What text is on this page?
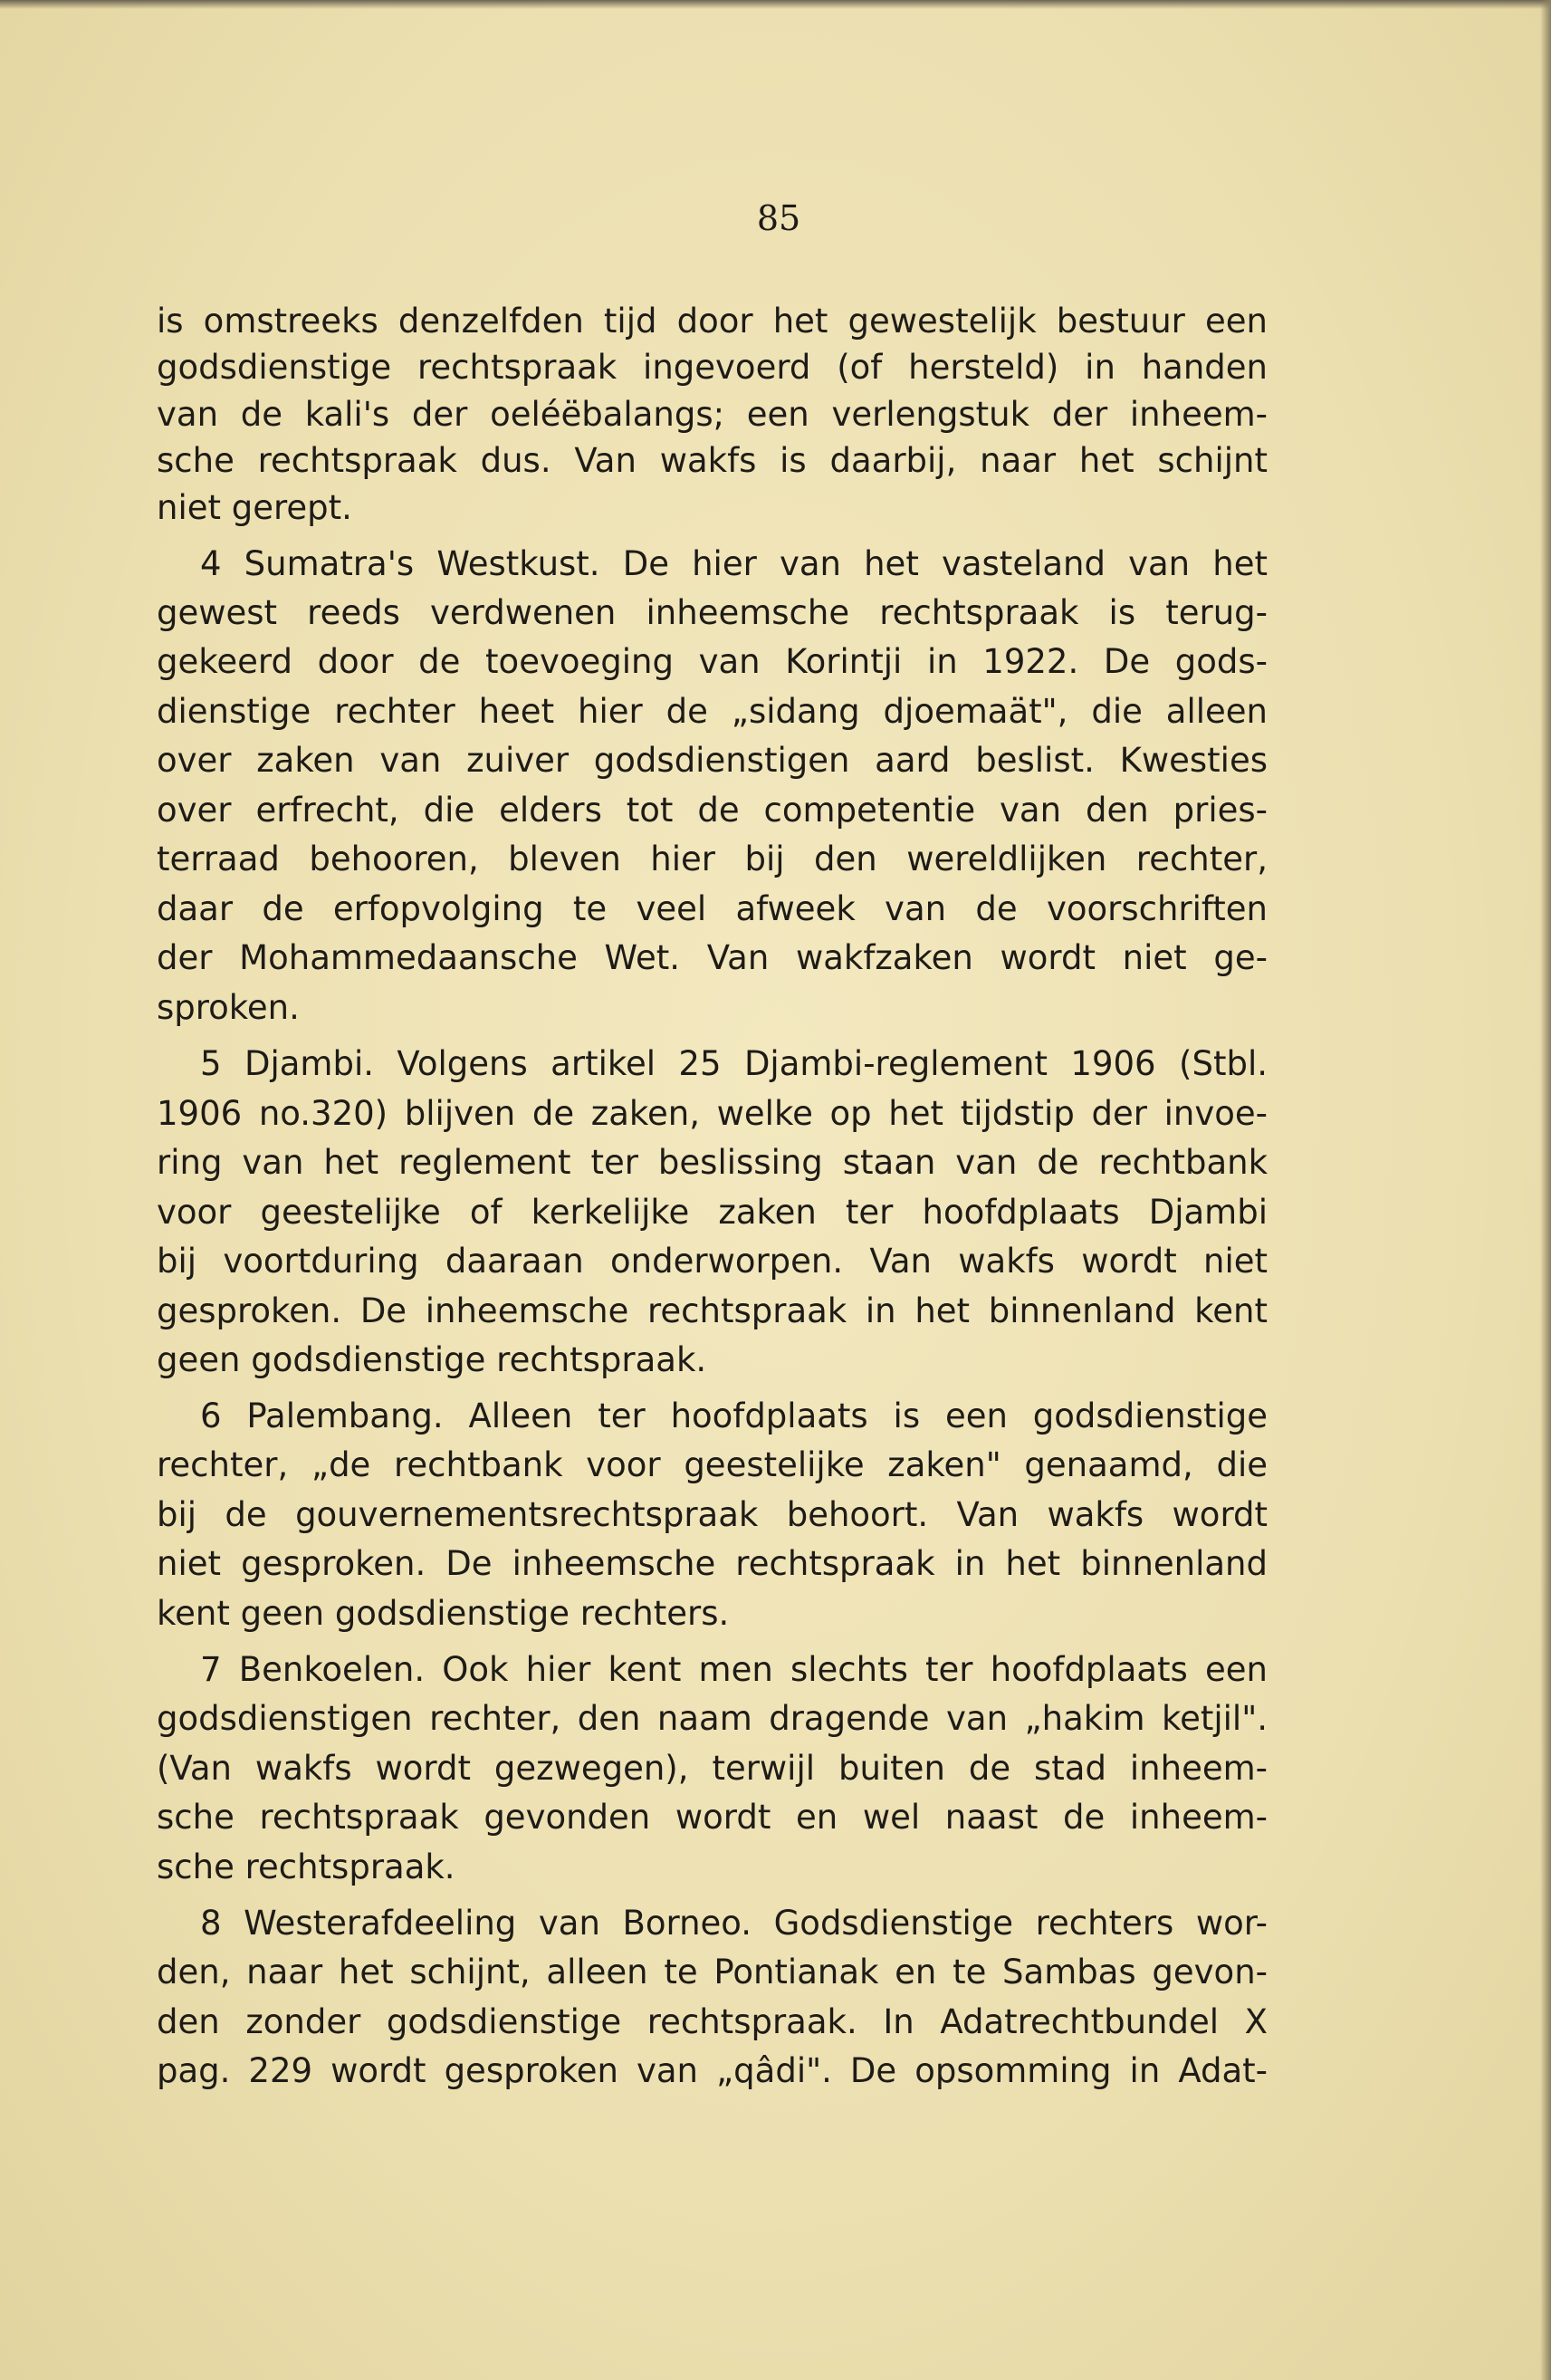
85
is omstreeks denzelfden tijd door het gewestelijk bestuur een
godsdienstige rechtspraak ingevoerd (of hersteld) in handen
van de kali's der oeléëbalangs; een verlengstuk der inheem-
sche rechtspraak dus. Van wakfs is daarbij, naar het schijnt
niet gerept.
4 Sumatra's Westkust. De hier van het vasteland van het
gewest reeds verdwenen inheemsche rechtspraak is terug-
gekeerd door de toevoeging van Korintji in 1922. De gods-
dienstige rechter heet hier de „sidang djoemaät", die alleen
over zaken van zuiver godsdienstigen aard beslist. Kwesties
over erfrecht, die elders tot de competentie van den pries-
terraad behooren, bleven hier bij den wereldlijken rechter,
daar de erfopvolging te veel afweek van de voorschriften
der Mohammedaansche Wet. Van wakfzaken wordt niet ge-
sproken.
5 Djambi. Volgens artikel 25 Djambi-reglement 1906 (Stbl.
1906 no.320) blijven de zaken, welke op het tijdstip der invoe-
ring van het reglement ter beslissing staan van de rechtbank
voor geestelijke of kerkelijke zaken ter hoofdplaats Djambi
bij voortduring daaraan onderworpen. Van wakfs wordt niet
gesproken. De inheemsche rechtspraak in het binnenland kent
geen godsdienstige rechtspraak.
6 Palembang. Alleen ter hoofdplaats is een godsdienstige
rechter, „de rechtbank voor geestelijke zaken" genaamd, die
bij de gouvernementsrechtspraak behoort. Van wakfs wordt
niet gesproken. De inheemsche rechtspraak in het binnenland
kent geen godsdienstige rechters.
7 Benkoelen. Ook hier kent men slechts ter hoofdplaats een
godsdienstigen rechter, den naam dragende van „hakim ketjil".
(Van wakfs wordt gezwegen), terwijl buiten de stad inheem-
sche rechtspraak gevonden wordt en wel naast de inheem-
sche rechtspraak.
8 Westerafdeeling van Borneo. Godsdienstige rechters wor-
den, naar het schijnt, alleen te Pontianak en te Sambas gevon-
den zonder godsdienstige rechtspraak. In Adatrechtbundel X
pag. 229 wordt gesproken van „qâdi". De opsomming in Adat-
